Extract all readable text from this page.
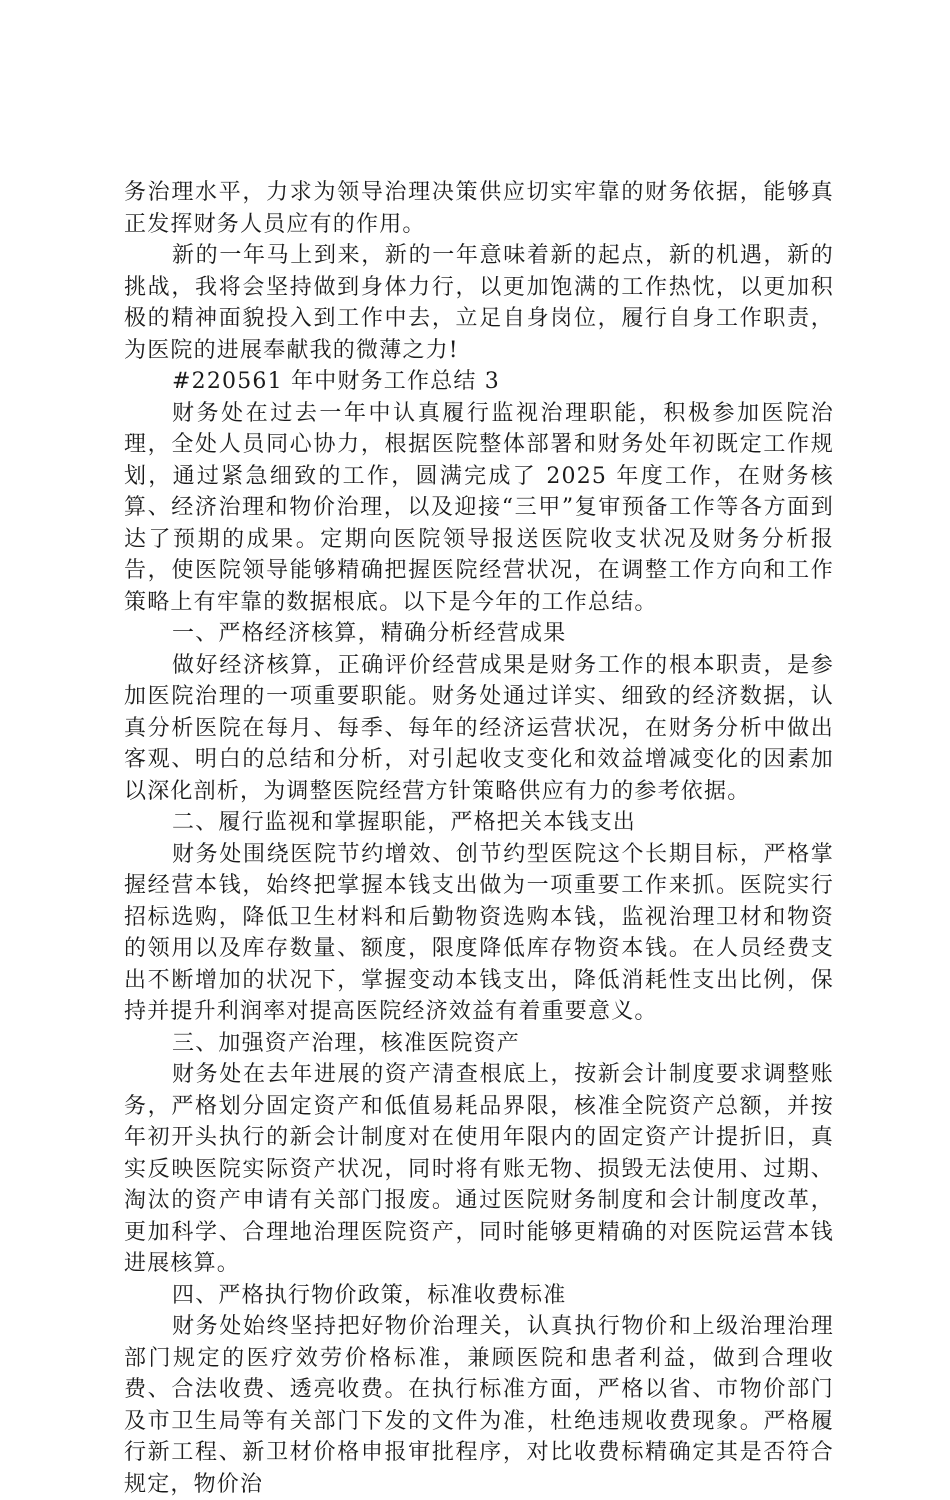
务治理水平，力求为领导治理决策供应切实牢靠的财务依据，能够真正发挥财务人员应有的作用。

新的一年马上到来，新的一年意味着新的起点，新的机遇，新的挑战，我将会坚持做到身体力行，以更加饱满的工作热忱，以更加积极的精神面貌投入到工作中去，立足自身岗位，履行自身工作职责，为医院的进展奉献我的微薄之力!

#220561 年中财务工作总结 3

财务处在过去一年中认真履行监视治理职能，积极参加医院治理，全处人员同心协力，根据医院整体部署和财务处年初既定工作规划，通过紧急细致的工作，圆满完成了 2025 年度工作，在财务核算、经济治理和物价治理，以及迎接“三甲”复审预备工作等各方面到达了预期的成果。定期向医院领导报送医院收支状况及财务分析报告，使医院领导能够精确把握医院经营状况，在调整工作方向和工作策略上有牢靠的数据根底。以下是今年的工作总结。

一、严格经济核算，精确分析经营成果

做好经济核算，正确评价经营成果是财务工作的根本职责，是参加医院治理的一项重要职能。财务处通过详实、细致的经济数据，认真分析医院在每月、每季、每年的经济运营状况，在财务分析中做出客观、明白的总结和分析，对引起收支变化和效益增减变化的因素加以深化剖析，为调整医院经营方针策略供应有力的参考依据。

二、履行监视和掌握职能，严格把关本钱支出

财务处围绕医院节约增效、创节约型医院这个长期目标，严格掌握经营本钱，始终把掌握本钱支出做为一项重要工作来抓。医院实行招标选购，降低卫生材料和后勤物资选购本钱，监视治理卫材和物资的领用以及库存数量、额度，限度降低库存物资本钱。在人员经费支出不断增加的状况下，掌握变动本钱支出，降低消耗性支出比例，保持并提升利润率对提高医院经济效益有着重要意义。

三、加强资产治理，核准医院资产

财务处在去年进展的资产清查根底上，按新会计制度要求调整账务，严格划分固定资产和低值易耗品界限，核准全院资产总额，并按年初开头执行的新会计制度对在使用年限内的固定资产计提折旧，真实反映医院实际资产状况，同时将有账无物、损毁无法使用、过期、淘汰的资产申请有关部门报废。通过医院财务制度和会计制度改革，更加科学、合理地治理医院资产，同时能够更精确的对医院运营本钱进展核算。

四、严格执行物价政策，标准收费标准

财务处始终坚持把好物价治理关，认真执行物价和上级治理治理部门规定的医疗效劳价格标准，兼顾医院和患者利益，做到合理收费、合法收费、透亮收费。在执行标准方面，严格以省、市物价部门及市卫生局等有关部门下发的文件为准，杜绝违规收费现象。严格履行新工程、新卫材价格申报审批程序，对比收费标精确定其是否符合规定，物价治
